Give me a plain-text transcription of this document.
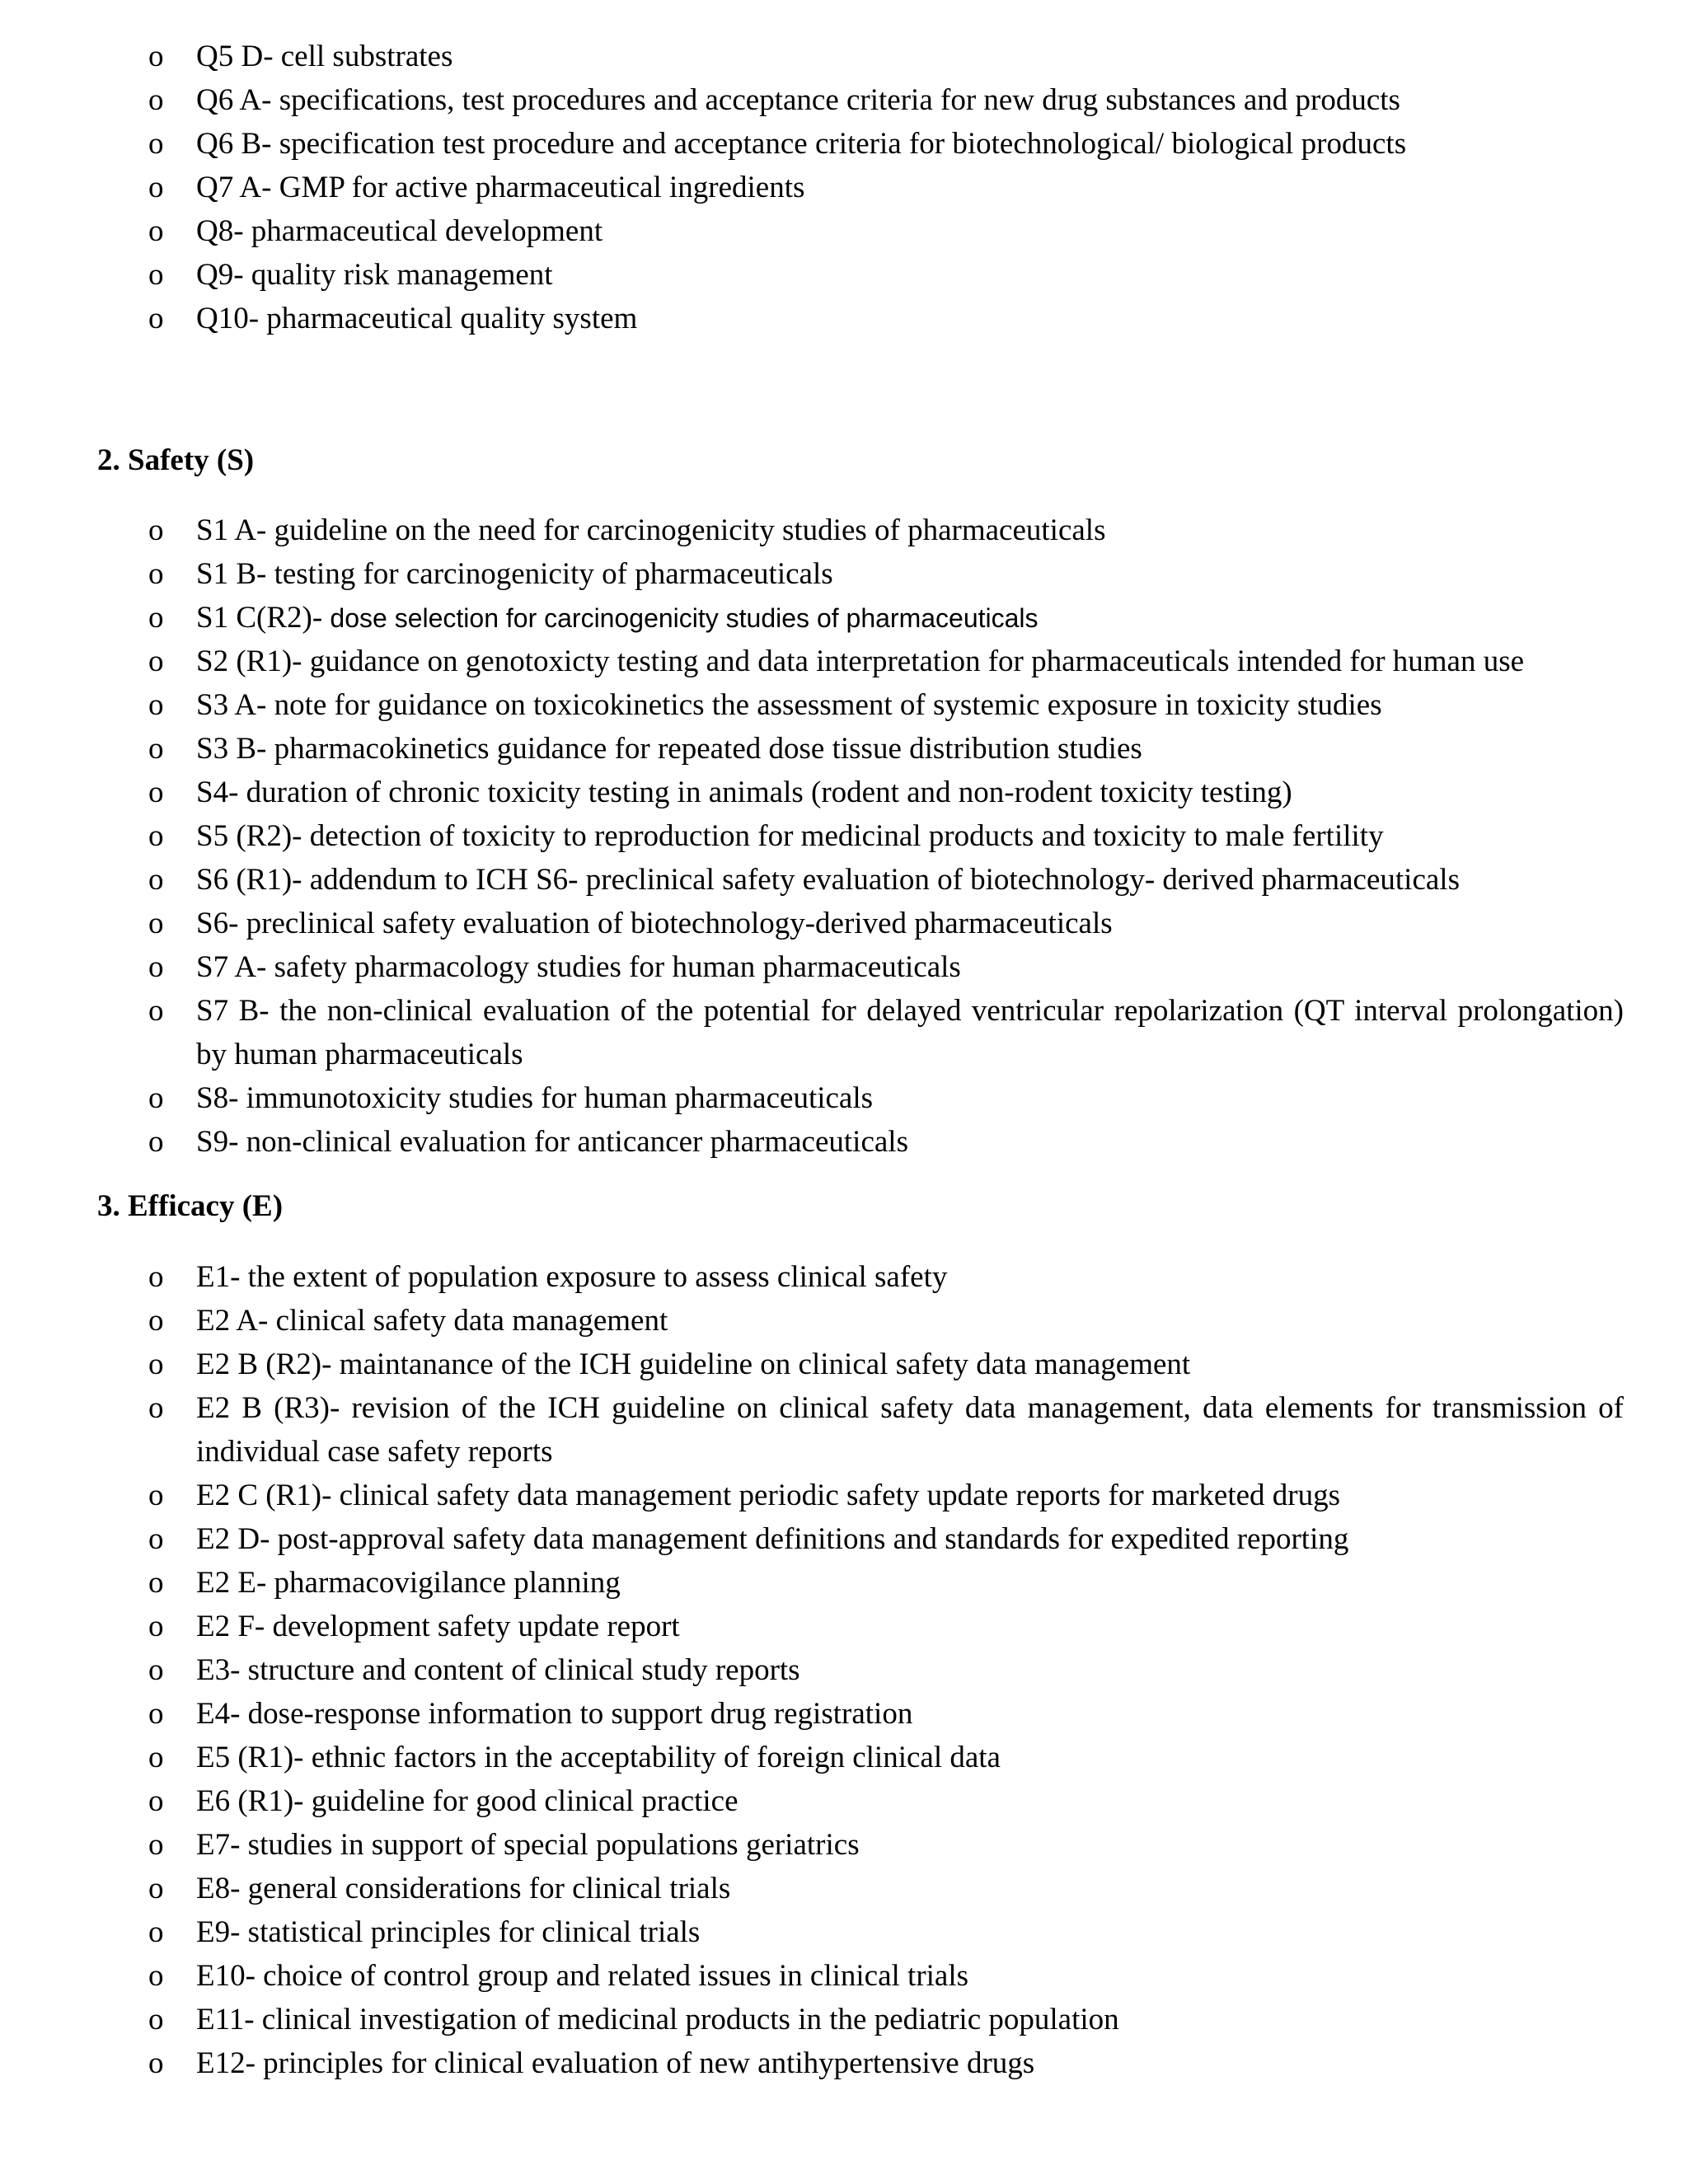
o Q5 D- cell substrates
o Q6 A- specifications, test procedures and acceptance criteria for new drug substances and products
o Q6 B- specification test procedure and acceptance criteria for biotechnological/ biological products
o Q7 A- GMP for active pharmaceutical ingredients
o Q8- pharmaceutical development
o Q9- quality risk management
o Q10- pharmaceutical quality system
2. Safety (S)
o S1 A- guideline on the need for carcinogenicity studies of pharmaceuticals
o S1 B- testing for carcinogenicity of pharmaceuticals
o S1 C(R2)- dose selection for carcinogenicity studies of pharmaceuticals
o S2 (R1)- guidance on genotoxicty testing and data interpretation for pharmaceuticals intended for human use
o S3 A- note for guidance on toxicokinetics the assessment of systemic exposure in toxicity studies
o S3 B- pharmacokinetics guidance for repeated dose tissue distribution studies
o S4- duration of chronic toxicity testing in animals (rodent and non-rodent toxicity testing)
o S5 (R2)- detection of toxicity to reproduction for medicinal products and toxicity to male fertility
o S6 (R1)- addendum to ICH S6- preclinical safety evaluation of biotechnology- derived pharmaceuticals
o S6- preclinical safety evaluation of biotechnology-derived pharmaceuticals
o S7 A- safety pharmacology studies for human pharmaceuticals
o S7 B- the non-clinical evaluation of the potential for delayed ventricular repolarization (QT interval prolongation) by human pharmaceuticals
o S8- immunotoxicity studies for human pharmaceuticals
o S9- non-clinical evaluation for anticancer pharmaceuticals
3. Efficacy (E)
o E1- the extent of population exposure to assess clinical safety
o E2 A- clinical safety data management
o E2 B (R2)- maintanance of the ICH guideline on clinical safety data management
o E2 B (R3)- revision of the ICH guideline on clinical safety data management, data elements for transmission of individual case safety reports
o E2 C (R1)- clinical safety data management periodic safety update reports for marketed drugs
o E2 D- post-approval safety data management definitions and standards for expedited reporting
o E2 E- pharmacovigilance planning
o E2 F- development safety update report
o E3- structure and content of clinical study reports
o E4- dose-response information to support drug registration
o E5 (R1)- ethnic factors in the acceptability of foreign clinical data
o E6 (R1)- guideline for good clinical practice
o E7- studies in support of special populations geriatrics
o E8- general considerations for clinical trials
o E9- statistical principles for clinical trials
o E10- choice of control group and related issues in clinical trials
o E11- clinical investigation of medicinal products in the pediatric population
o E12- principles for clinical evaluation of new antihypertensive drugs
